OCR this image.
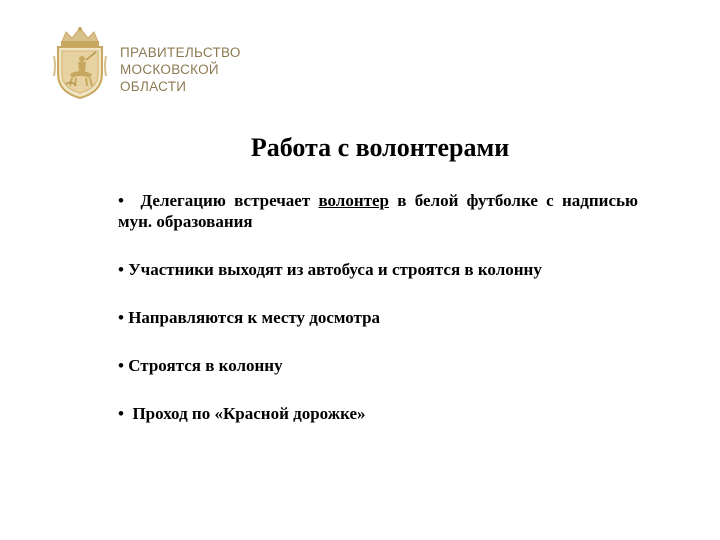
ПРАВИТЕЛЬСТВО
МОСКОВСКОЙ
ОБЛАСТИ
Работа с волонтерами

• Делегацию встречает волонтер в белой футболке с надписью мун. образования

• Участники выходят из автобуса и строятся в колонну

• Направляются к месту досмотра

• Строятся в колонну

• Проход по «Красной дорожке»
